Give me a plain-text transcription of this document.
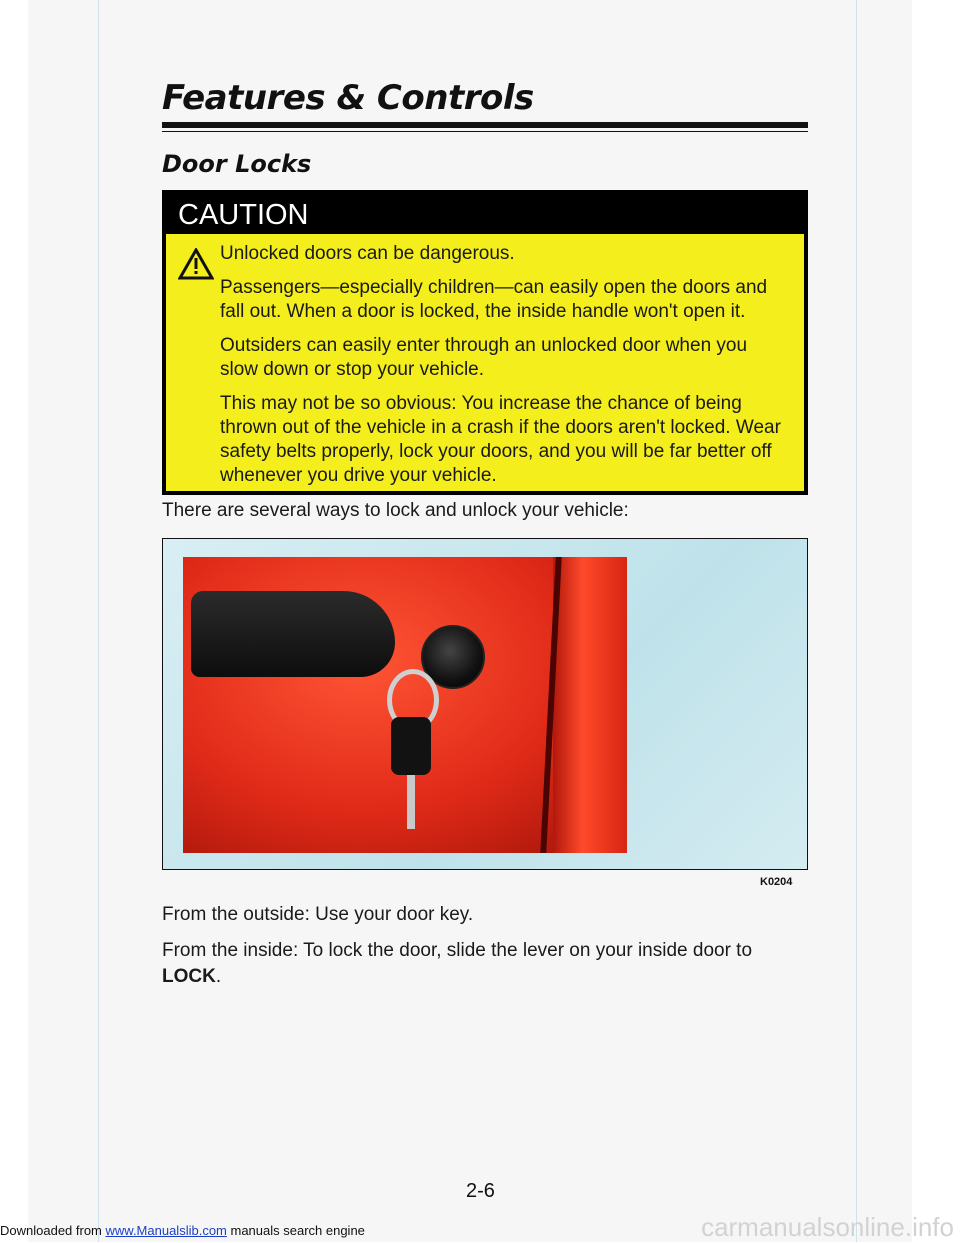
Features & Controls
Door Locks
CAUTION

Unlocked doors can be dangerous.

Passengers—especially children—can easily open the doors and fall out. When a door is locked, the inside handle won't open it.

Outsiders can easily enter through an unlocked door when you slow down or stop your vehicle.

This may not be so obvious: You increase the chance of being thrown out of the vehicle in a crash if the doors aren't locked. Wear safety belts properly, lock your doors, and you will be far better off whenever you drive your vehicle.

There are several ways to lock and unlock your vehicle:
K0204
From the outside: Use your door key.
From the inside: To lock the door, slide the lever on your inside door to LOCK.
2-6
Downloaded from www.Manualslib.com manuals search engine	carmanualsonline.info
